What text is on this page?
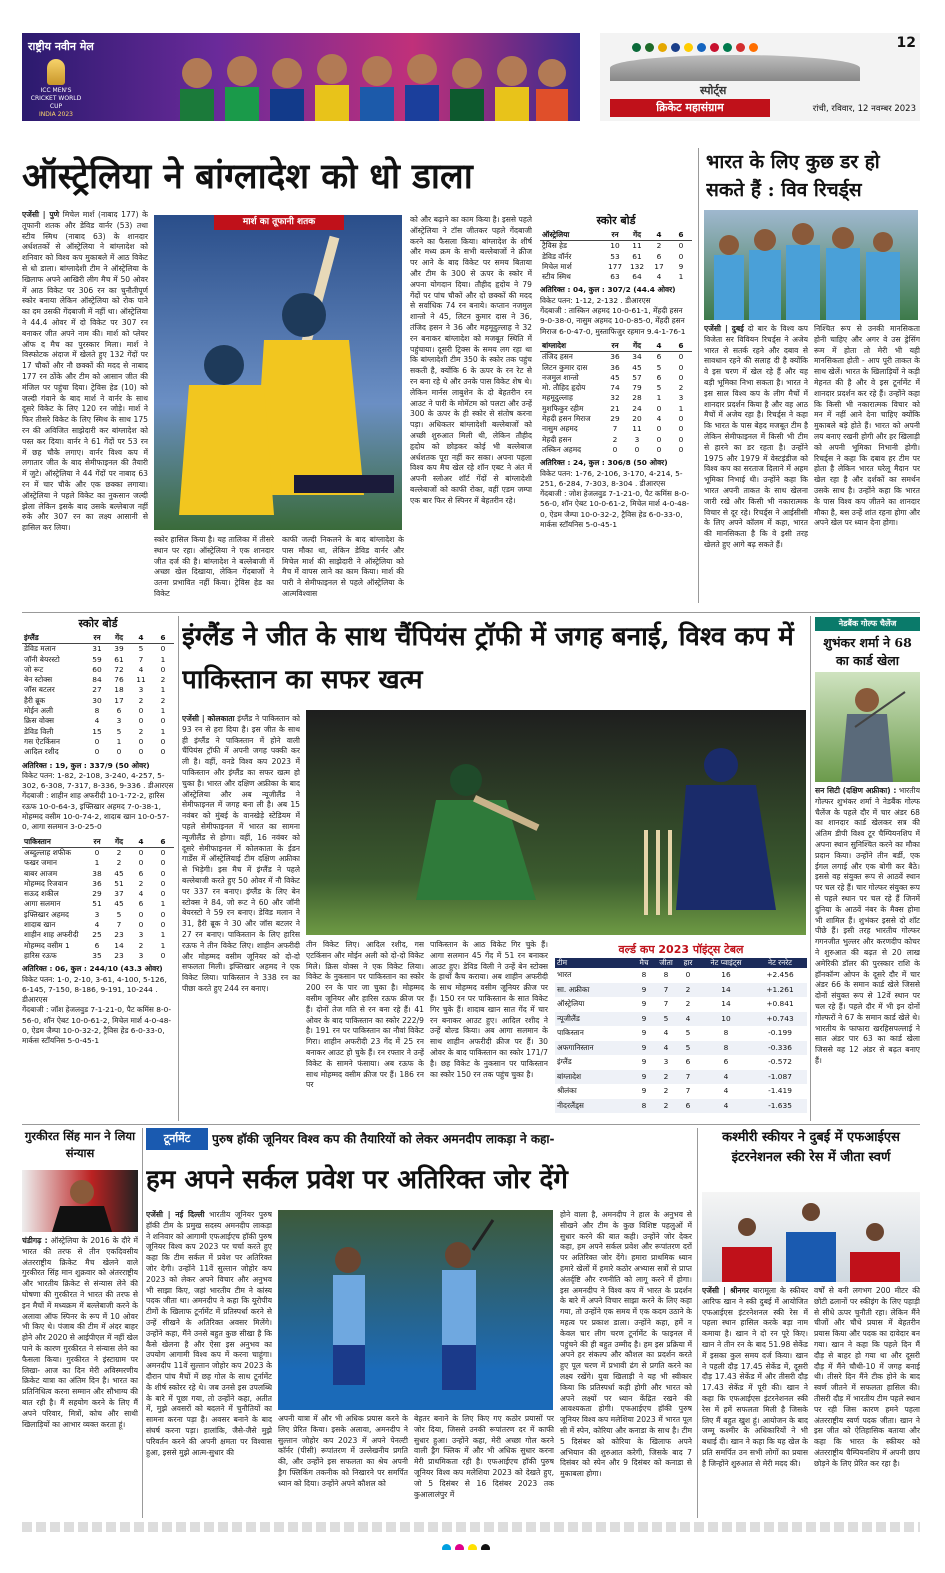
राष्ट्रीय नवीन मेल
ICC MEN'S
CRICKET WORLD CUP
INDIA 2023
12
स्पोर्ट्स
क्रिकेट महासंग्राम	रांची, रविवार, 12 नवम्बर 2023
ऑस्ट्रेलिया ने बांग्लादेश को धो डाला
एजेंसी | पुणे मिचेल मार्श (नाबाद 177) के तूफानी शतक और डेविड वार्नर (53) तथा स्टीव स्मिथ (नाबाद 63) के शानदार अर्धशतकों से ऑस्ट्रेलिया ने बांग्लादेश को शनिवार को विश्व कप मुकाबले में आठ विकेट से धो डाला। बांग्लादेशी टीम ने ऑस्ट्रेलिया के खिलाफ अपने आखिरी लीग मैच में 50 ओवर में आठ विकेट पर 306 रन का चुनौतीपूर्ण स्कोर बनाया लेकिन ऑस्ट्रेलिया को रोक पाने का दम उसकी गेंदबाजी में नहीं था। ऑस्ट्रेलिया ने 44.4 ओवर में दो विकेट पर 307 रन बनाकर जीत अपने नाम की। मार्श को प्लेयर ऑफ द मैच का पुरस्कार मिला। मार्श ने विस्फोटक अंदाज में खेलते हुए 132 गेंदों पर 17 चौकों और नौ छक्कों की मदद से नाबाद 177 रन ठोंके और टीम को आसान जीत की मंजिल पर पहुंचा दिया। ट्रेविस हेड (10) को जल्दी गंवाने के बाद मार्श ने वार्नर के साथ दूसरे विकेट के लिए 120 रन जोड़े। मार्श ने फिर तीसरे विकेट के लिए स्मिथ के साथ 175 रन की अविजित साझेदारी कर बांग्लादेश को पस्त कर दिया। वार्नर ने 61 गेंदों पर 53 रन में छह चौके लगाए। वार्नर विश्व कप में लगातार जीत के बाद सेमीफाइनल की तैयारी में जुटे। ऑस्ट्रेलिया ने 44 गेंदों पर नाबाद 63 रन में चार चौके और एक छक्का लगाया। ऑस्ट्रेलिया ने पहले विकेट का नुकसान जल्दी झेला लेकिन इसके बाद उसके बल्लेबाज नहीं रुके और 307 रन का लक्ष्य आसानी से हासिल कर लिया।
मार्श का तूफानी शतक
स्कोर हासिल किया है। यह तालिका में तीसरे स्थान पर रहा। ऑस्ट्रेलिया ने एक शानदार जीत दर्ज की है। बांग्लादेश ने बल्लेबाजी में अच्छा खेल दिखाया, लेकिन गेंदबाजों ने उतना प्रभावित नहीं किया। ट्रेविस हेड का विकेट
काफी जल्दी निकलने के बाद बांग्लादेश के पास मौका था, लेकिन डेविड वार्नर और मिचेल मार्श की साझेदारी ने ऑस्ट्रेलिया को मैच में वापस लाने का काम किया। मार्श की पारी ने सेमीफाइनल से पहले ऑस्ट्रेलिया के आत्मविश्वास
को और बढ़ाने का काम किया है। इससे पहले ऑस्ट्रेलिया ने टॉस जीतकर पहले गेंदबाजी करने का फैसला किया। बांग्लादेश के शीर्ष और मध्य क्रम के सभी बल्लेबाजों ने क्रीज पर आने के बाद विकेट पर समय बिताया और टीम के 300 से ऊपर के स्कोर में अपना योगदान दिया। तौहीद हृदोय ने 79 गेंदों पर पांच चौकों और दो छक्कों की मदद से सर्वाधिक 74 रन बनाये। कप्तान नजमुल शान्तो ने 45, लिटन कुमार दास ने 36, तंजिद हसन ने 36 और महमूदुल्लाह ने 32 रन बनाकर बांग्लादेश को मजबूत स्थिति में पहुंचाया। दूसरी ट्रिक्स के समय लग रहा था कि बांग्लादेशी टीम 350 के स्कोर तक पहुंच सकती है, क्योंकि 6 के ऊपर के रन रेट से रन बना रहे थे और उनके पास विकेट शेष थे। लेकिन मार्नस लाबुशेन के दो बेहतरीन रन आउट ने पारी के मोमेंटम को पलटा और उन्हें 300 के ऊपर के ही स्कोर से संतोष करना पड़ा। अधिकतर बांग्लादेशी बल्लेबाजों को अच्छी शुरुआत मिली थी, लेकिन तौहीद हृदोय को छोड़कर कोई भी बल्लेबाज अर्धशतक पूरा नहीं कर सका। अपना पहला विश्व कप मैच खेल रहे शॉन एबट ने अंत में अपनी स्लोअर शॉर्ट गेंदों से बांग्लादेशी बल्लेबाजों को काफी रोका, वहीं एडम जम्पा एक बार फिर से स्पिनर में बेहतरीन रहे।
स्कोर बोर्ड
ऑस्ट्रेलिया	रन	गेंद	4	6
ट्रैविस हेड	10	11	2	0
डेविड वॉर्नर	53	61	6	0
मिचेल मार्श	177	132	17	9
स्टीव स्मिथ	63	64	4	1
अतिरिक्त : 04, कुल : 307/2 (44.4 ओवर)
विकेट पतन: 1-12, 2-132 . डीआरएस
गेंदबाजी : तास्किन अहमद 10-0-61-1, मेंहदी हसन 9-0-38-0, नासुम अहमद 10-0-85-0, मेंहदी हसन मिराज 6-0-47-0, मुस्ताफिजुर रहमान 9.4-1-76-1
बांग्लादेश	रन	गेंद	4	6
तंजिद हसन	36	34	6	0
लिटन कुमार दास	36	45	5	0
नजमुल शान्तो	45	57	6	0
मो. तौहिद हृदोय	74	79	5	2
महमूदुल्लाह	32	28	1	3
मुशफिकुर रहीम	21	24	0	1
मेहदी हसन मिराज	29	20	4	0
नासुम अहमद	7	11	0	0
मेहदी हसन	2	3	0	0
तस्किन अहमद	0	0	0	0
अतिरिक्त : 24, कुल : 306/8 (50 ओवर)
विकेट पतन: 1-76, 2-106, 3-170, 4-214, 5-251, 6-284, 7-303, 8-304 . डीआरएस
गेंदबाजी : जोश हेजलवुड 7-1-21-0, पैट कमिंस 8-0-56-0, शॉन ऐबट 10-0-61-2, मिचेल मार्श 4-0-48-0, ऐडम जैम्पा 10-0-32-2, ट्रैविस हेड 6-0-33-0, मार्कस स्टॉयनिस 5-0-45-1
भारत के लिए कुछ डर हो सकते हैं : विव रिचर्ड्स
एजेंसी | दुबई दो बार के विश्व कप विजेता सर विवियन रिचर्ड्स ने अजेय भारत से सतर्क रहने और दबाव से सावधान रहने की सलाह दी है क्योंकि वे इस चरण में खेल रहे हैं और यह बड़ी भूमिका निभा सकता है। भारत ने इस साल विश्व कप के लीग मैचों में शानदार प्रदर्शन किया है और वह आठ मैचों में अजेय रहा है। रिचर्ड्स ने कहा कि भारत के पास बेहद मजबूत टीम है लेकिन सेमीफाइनल में किसी भी टीम से हारने का डर रहता है। उन्होंने 1975 और 1979 में वेस्टइंडीज को विश्व कप का सरताज दिलाने में अहम भूमिका निभाई थी। उन्होंने कहा कि भारत अपनी ताकत के साथ खेलना जारी रखे और किसी भी नकारात्मक विचार से दूर रहे। रिचर्ड्स ने आईसीसी के लिए अपने कॉलम में कहा, भारत की मानसिकता है कि वे इसी तरह खेलते हुए आगे बढ़ सकते हैं।
निश्चित रूप से उनकी मानसिकता होनी चाहिए और अगर वे उस ड्रेसिंग रूम में होता तो मेरी भी यही मानसिकता होती - आप पूरी ताकत के साथ खेलें। भारत के खिलाड़ियों ने कड़ी मेहनत की है और वे इस टूर्नामेंट में शानदार प्रदर्शन कर रहे हैं। उन्होंने कहा कि किसी भी नकारात्मक विचार को मन में नहीं आने देना चाहिए क्योंकि मुकाबले बड़े होते हैं। भारत को अपनी लय बनाए रखनी होगी और हर खिलाड़ी को अपनी भूमिका निभानी होगी। रिचर्ड्स ने कहा कि दबाव हर टीम पर होता है लेकिन भारत घरेलू मैदान पर खेल रहा है और दर्शकों का समर्थन उसके साथ है। उन्होंने कहा कि भारत के पास विश्व कप जीतने का शानदार मौका है, बस उन्हें शांत रहना होगा और अपने खेल पर ध्यान देना होगा।
स्कोर बोर्ड
इंग्लैंड	रन	गेंद	4	6
डेविड मलान	31	39	5	0
जॉनी बेयरस्टो	59	61	7	1
जो रूट	60	72	4	0
बेन स्टोक्स	84	76	11	2
जॉस बटलर	27	18	3	1
हैरी ब्रूक	30	17	2	2
मोईन अली	8	6	0	1
क्रिस वोक्स	4	3	0	0
डेविड विली	15	5	2	1
गस ऐटकिंसन	0	1	0	0
आदिल रशीद	0	0	0	0
अतिरिक्त : 19, कुल : 337/9 (50 ओवर)
विकेट पतन: 1-82, 2-108, 3-240, 4-257, 5-302, 6-308, 7-317, 8-336, 9-336 . डीआरएस
गेंदबाजी : शाहीन शाह अफरीदी 10-1-72-2, हारिस रऊफ 10-0-64-3, इफ्तिखार अहमद 7-0-38-1, मोहम्मद वसीम 10-0-74-2, शादाब खान 10-0-57-0, आगा सलमान 3-0-25-0
पाकिस्तान	रन	गेंद	4	6
अब्दुल्लाह शफीक	0	2	0	0
फखर जमान	1	2	0	0
बाबर आजम	38	45	6	0
मोहम्मद रिजवान	36	51	2	0
सऊद शकील	29	37	4	0
आगा सलमान	51	45	6	1
इफ्तिखार अहमद	3	5	0	0
शादाब खान	4	7	0	0
शाहीन शाह अफरीदी	25	23	3	1
मोहम्मद वसीम 1	6	14	2	1
हारिस रऊफ	35	23	3	0
अतिरिक्त : 06, कुल : 244/10 (43.3 ओवर)
विकेट पतन: 1-0, 2-10, 3-61, 4-100, 5-126, 6-145, 7-150, 8-186, 9-191, 10-244 . डीआरएस
गेंदबाजी : जॉश हेजलवुड 7-1-21-0, पैट कमिंस 8-0-56-0, शॉन ऐबट 10-0-61-2, मिचेल मार्श 4-0-48-0, ऐडम जैम्पा 10-0-32-2, ट्रैविस हेड 6-0-33-0, मार्कस स्टॉयनिस 5-0-45-1
इंग्लैंड ने जीत के साथ चैंपियंस ट्रॉफी में जगह बनाई, विश्व कप में पाकिस्तान का सफर खत्म
एजेंसी | कोलकाता इंग्लैंड ने पाकिस्तान को 93 रन से हरा दिया है। इस जीत के साथ ही इंग्लैंड ने पाकिस्तान में होने वाली चैंपियंस ट्रॉफी में अपनी जगह पक्की कर ली है। वहीं, वनडे विश्व कप 2023 में पाकिस्तान और इंग्लैंड का सफर खत्म हो चुका है। भारत और दक्षिण अफ्रीका के बाद ऑस्ट्रेलिया और अब न्यूजीलैंड ने सेमीफाइनल में जगह बना ली है। अब 15 नवंबर को मुंबई के वानखेड़े स्टेडियम में पहले सेमीफाइनल में भारत का सामना न्यूजीलैंड से होगा। वहीं, 16 नवंबर को दूसरे सेमीफाइनल में कोलकाता के ईडन गार्डेंस में ऑस्ट्रेलियाई टीम दक्षिण अफ्रीका से भिड़ेगी। इस मैच में इंग्लैंड ने पहले बल्लेबाजी करते हुए 50 ओवर में नौ विकेट पर 337 रन बनाए। इंग्लैंड के लिए बेन स्टोक्स ने 84, जो रूट ने 60 और जॉनी बेयरस्टो ने 59 रन बनाए। डेविड मलान ने 31, हैरी ब्रूक ने 30 और जॉस बटलर ने 27 रन बनाए। पाकिस्तान के लिए हारिस रऊफ ने तीन विकेट लिए। शाहीन अफरीदी और मोहम्मद वसीम जूनियर को दो-दो सफलता मिली। इफ्तिखार अहमद ने एक विकेट लिया। पाकिस्तान ने 338 रन का पीछा करते हुए 244 रन बनाए।
तीन विकेट लिए। आदिल रशीद, गस एटकिंसन और मोईन अली को दो-दो विकेट मिले। क्रिस वोक्स ने एक विकेट लिया। विकेट के नुकसान पर पाकिस्तान का स्कोर 200 रन के पार जा चुका है। मोहम्मद वसीम जूनियर और हारिस रऊफ क्रीज पर हैं। दोनों तेज गति से रन बना रहे हैं। 41 ओवर के बाद पाकिस्तान का स्कोर 222/9 है। 191 रन पर पाकिस्तान का नौवां विकेट गिरा। शाहीन अफरीदी 23 गेंद में 25 रन बनाकर आउट हो चुके हैं। रन रफ्तार ने उन्हें विकेट के सामने फंसाया। अब रऊफ के साथ मोहम्मद वसीम क्रीज पर हैं। 186 रन पर
पाकिस्तान के आठ विकेट गिर चुके हैं। आगा सलमान 45 गेंद में 51 रन बनाकर आउट हुए। डेविड विली ने उन्हें बेन स्टोक्स के हाथों कैच कराया। अब शाहीन अफरीदी के साथ मोहम्मद वसीम जूनियर क्रीज पर हैं। 150 रन पर पाकिस्तान के सात विकेट गिर चुके हैं। शादाब खान सात गेंद में चार रन बनाकर आउट हुए। आदिल रशीद ने उन्हें बोल्ड किया। अब आगा सलमान के साथ शाहीन अफरीदी क्रीज पर हैं। 30 ओवर के बाद पाकिस्तान का स्कोर 171/7 है। छह विकेट के नुकसान पर पाकिस्तान का स्कोर 150 रन तक पहुंच चुका है।
वर्ल्ड कप 2023 पॉइंट्स टेबल
टीम	मैच	जीता	हार	नेट प्वाइंट्स	नेट रनरेट
भारत	8	8	0	16	+2.456
सा. अफ्रीका	9	7	2	14	+1.261
ऑस्ट्रेलिया	9	7	2	14	+0.841
न्यूजीलैंड	9	5	4	10	+0.743
पाकिस्तान	9	4	5	8	-0.199
अफगानिस्तान	9	4	5	8	-0.336
इंग्लैंड	9	3	6	6	-0.572
बांग्लादेश	9	2	7	4	-1.087
श्रीलंका	9	2	7	4	-1.419
नीदरलैंड्स	8	2	6	4	-1.635
नेडबैंक गोल्फ चैलेंज
शुभंकर शर्मा ने 68 का कार्ड खेला
सन सिटी (दक्षिण अफ्रीका) : भारतीय गोल्फर शुभंकर शर्मा ने नेडबैंक गोल्फ चैलेंज के पहले दौर में चार अंडर 68 का शानदार कार्ड खेलकर सत्र की अंतिम डीपी विश्व टूर चैम्पियनशिप में अपना स्थान सुनिश्चित करने का मौका प्रदान किया। उन्होंने तीन बर्डी, एक ईगल लगाई और एक बोगी कर बैठे। इससे वह संयुक्त रूप से आठवें स्थान पर चल रहे हैं। चार गोल्फर संयुक्त रूप से पहले स्थान पर चल रहे हैं जिनमें दुनिया के आठवें नंबर के मैक्स होमा भी शामिल हैं। शुभंकर इससे दो शॉट पीछे हैं। इसी तरह भारतीय गोल्फर गगनजीत भुल्लर और करणदीप कोचर ने शुरुआत की बढ़त से 20 लाख अमेरिकी डॉलर की पुरस्कार राशि के हॉनकॉन्ग ओपन के दूसरे दौर में चार अंडर 66 के समान कार्ड खेले जिससे दोनों संयुक्त रूप से 12वें स्थान पर चल रहे हैं। पहले दौर में भी इन दोनों गोल्फरों ने 67 के समान कार्ड खेले थे। भारतीय के फाफारा खरहिसपल्लाई ने सात अंडर पार 63 का कार्ड खेला जिससे वह 12 अंडर से बढ़त बनाए हैं।
गुरकीरत सिंह मान ने लिया संन्यास
चंडीगढ़ : ऑस्ट्रेलिया के 2016 के दौरे में भारत की तरफ से तीन एकदिवसीय अंतरराष्ट्रीय क्रिकेट मैच खेलने वाले गुरकीरत सिंह मान शुक्रवार को अंतरराष्ट्रीय और भारतीय क्रिकेट से संन्यास लेने की घोषणा की गुरकीरत ने भारत की तरफ से इन मैचों में मध्यक्रम में बल्लेबाजी करने के अलावा ऑफ स्पिनर के रूप में 10 ओवर भी किए थे। पंजाब की टीम में अंदर बाहर होने और 2020 से आईपीएल में नहीं खेल पाने के कारण गुरकीरत ने संन्यास लेने का फैसला किया। गुरकीरत ने इंस्टाग्राम पर लिखा- आज का दिन मेरी अविस्मरणीय क्रिकेट यात्रा का अंतिम दिन है। भारत का प्रतिनिधित्व करना सम्मान और सौभाग्य की बात रही है। मैं सहयोग करने के लिए मैं अपने परिवार, मित्रों, कोच और साथी खिलाड़ियों का आभार व्यक्त करता हूं।
टूर्नामेंट	पुरुष हॉकी जूनियर विश्व कप की तैयारियों को लेकर अमनदीप लाकड़ा ने कहा-
हम अपने सर्कल प्रवेश पर अतिरिक्त जोर देंगे
एजेंसी | नई दिल्ली भारतीय जूनियर पुरुष हॉकी टीम के प्रमुख सदस्य अमनदीप लाकड़ा ने शनिवार को आगामी एफआईएच हॉकी पुरुष जूनियर विश्व कप 2023 पर चर्चा करते हुए कहा कि टीम सर्कल में प्रवेश पर अतिरिक्त जोर देगी। उन्होंने 11वें सुल्तान जोहोर कप 2023 को लेकर अपने विचार और अनुभव भी साझा किए, जहां भारतीय टीम ने कांस्य पदक जीता था। अमनदीप ने कहा कि यूरोपीय टीमों के खिलाफ टूर्नामेंट में प्रतिस्पर्धा करने से उन्हें सीखने के अतिरिक्त अवसर मिलेंगे। उन्होंने कहा, मैंने उनसे बहुत कुछ सीखा है कि कैसे खेलना है और ऐसा इस अनुभव का उपयोग आगामी विश्व कप में करना चाहूंगा। अमनदीप 11वें सुल्तान जोहोर कप 2023 के दौरान पांच मैचों में छह गोल के साथ टूर्नामेंट के शीर्ष स्कोरर रहे थे। जब उनसे इस उपलब्धि के बारे में पूछा गया, तो उन्होंने कहा, अतीत में, मुझे अवसरों को बदलने में चुनौतियों का सामना करना पड़ा है। अवसर बनाने के बाद संघर्ष करना पड़ा। हालांकि, जैसे-जैसे मुझे परिवर्तन करने की अपनी क्षमता पर विश्वास हुआ, इससे मुझे आत्म-सुधार की
अपनी यात्रा में और भी अधिक प्रयास करने के लिए प्रेरित किया। इसके अलावा, अमनदीप ने सुल्तान जोहोर कप 2023 में अपने पेनल्टी कॉर्नर (पीसी) रूपांतरण में उल्लेखनीय प्रगति की, और उन्होंने इस सफलता का श्रेय अपनी ड्रैग फ्लिकिंग तकनीक को निखारने पर समर्पित ध्यान को दिया। उन्होंने अपने कौशल को
बेहतर बनाने के लिए किए गए कठोर प्रयासों पर जोर दिया, जिससे उनकी रूपांतरण दर में काफी सुधार हुआ। उन्होंने कहा, मेरी अच्छा गोल करने वाली ड्रैग फ्लिक में और भी अधिक सुधार करना मेरी प्राथमिकता रही है। एफआईएच हॉकी पुरुष जूनियर विश्व कप मलेशिया 2023 को देखते हुए, जो 5 दिसंबर से 16 दिसंबर 2023 तक कुआलालंपुर में
होने वाला है, अमनदीप ने हाल के अनुभव से सीखने और टीम के कुछ विशिष्ट पहलुओं में सुधार करने की बात कही। उन्होंने जोर देकर कहा, हम अपने सर्कल प्रवेश और रूपांतरण दरों पर अतिरिक्त जोर देंगे। हमारा प्राथमिक ध्यान हमारे खेलों में हमारे कठोर अभ्यास सत्रों से प्राप्त अंतर्दृष्टि और रणनीति को लागू करने में होगा। इस अमनदीप ने विश्व कप में भारत के प्रदर्शन के बारे में अपने विचार साझा करने के लिए कहा गया, तो उन्होंने एक समय में एक कदम उठाने के महत्व पर प्रकाश डाला। उन्होंने कहा, हमें न केवल चार लीग चरण टूर्नामेंट के फाइनल में पहुंचने की ही बहुत उम्मीद है। हम इस प्रक्रिया में अपने हर संकल्प और कौशल का प्रदर्शन करते हुए पूल चरण में प्रभावी ढंग से प्रगति करने का लक्ष्य रखेंगे। युवा खिलाड़ी ने यह भी स्वीकार किया कि प्रतिस्पर्धा कड़ी होगी और भारत को अपने लक्ष्यों पर ध्यान केंद्रित रखने की आवश्यकता होगी। एफआईएच हॉकी पुरुष जूनियर विश्व कप मलेशिया 2023 में भारत पूल सी में स्पेन, कोरिया और कनाडा के साथ है। टीम 5 दिसंबर को कोरिया के खिलाफ अपने अभियान की शुरुआत करेगी, जिसके बाद 7 दिसंबर को स्पेन और 9 दिसंबर को कनाडा से मुकाबला होगा।
कश्मीरी स्कीयर ने दुबई में एफआईएस इंटरनेशनल स्की रेस में जीता स्वर्ण
एजेंसी | श्रीनगर बारामूला के स्कीयर आरिफ खान ने स्की दुबई में आयोजित एफआईएस इंटरनेशनल स्की रेस में पहला स्थान हासिल करके बड़ा नाम कमाया है। खान ने दो रन पूरे किए। खान ने तीन रन के बाद 51.98 सेकेंड में इसका कुल समय दर्ज किया। खान ने पहली दौड़ 17.45 सेकेंड में, दूसरी दौड़ 17.43 सेकेंड में और तीसरी दौड़ 17.43 सेकेंड में पूरी की। खान ने कहा कि एफआईएस इंटरनेशनल स्की रेस में हमें सफलता मिली है जिसके लिए मैं बहुत खुश हूं। आयोजन के बाद जम्मू कश्मीर के अधिकारियों ने भी बधाई दी। खान ने कहा कि यह खेल के प्रति समर्पित उन सभी लोगों का प्रयास है जिन्होंने शुरुआत से मेरी मदद की।
वर्षों से बनी लगभग 200 मीटर की छोटी ढलानों पर स्कीइंग के लिए पहाड़ी से सीधे ऊपर चुनौती रहा। लेकिन मैंने चीजों और चौथे प्रयास में बेहतरीन प्रयास किया और पदक का दावेदार बन गया। खान ने कहा कि पहले दिन मैं दौड़ से बाहर हो गया था और दूसरी दौड़ में मैंने चौथी-10 में जगह बनाई थी। तीसरे दिन मैंने टीक होने के बाद स्वर्ण जीतने में सफलता हासिल की। तीसरी दौड़ में भारतीय टीम पहले स्थान पर रही जिस कारण हमने पहला अंतरराष्ट्रीय स्वर्ण पदक जीता। खान ने इस जीत को ऐतिहासिक बताया और कहा कि भारत के स्कीयर को अंतरराष्ट्रीय चैम्पियनशिप में अपनी छाप छोड़ने के लिए प्रेरित कर रहा है।
